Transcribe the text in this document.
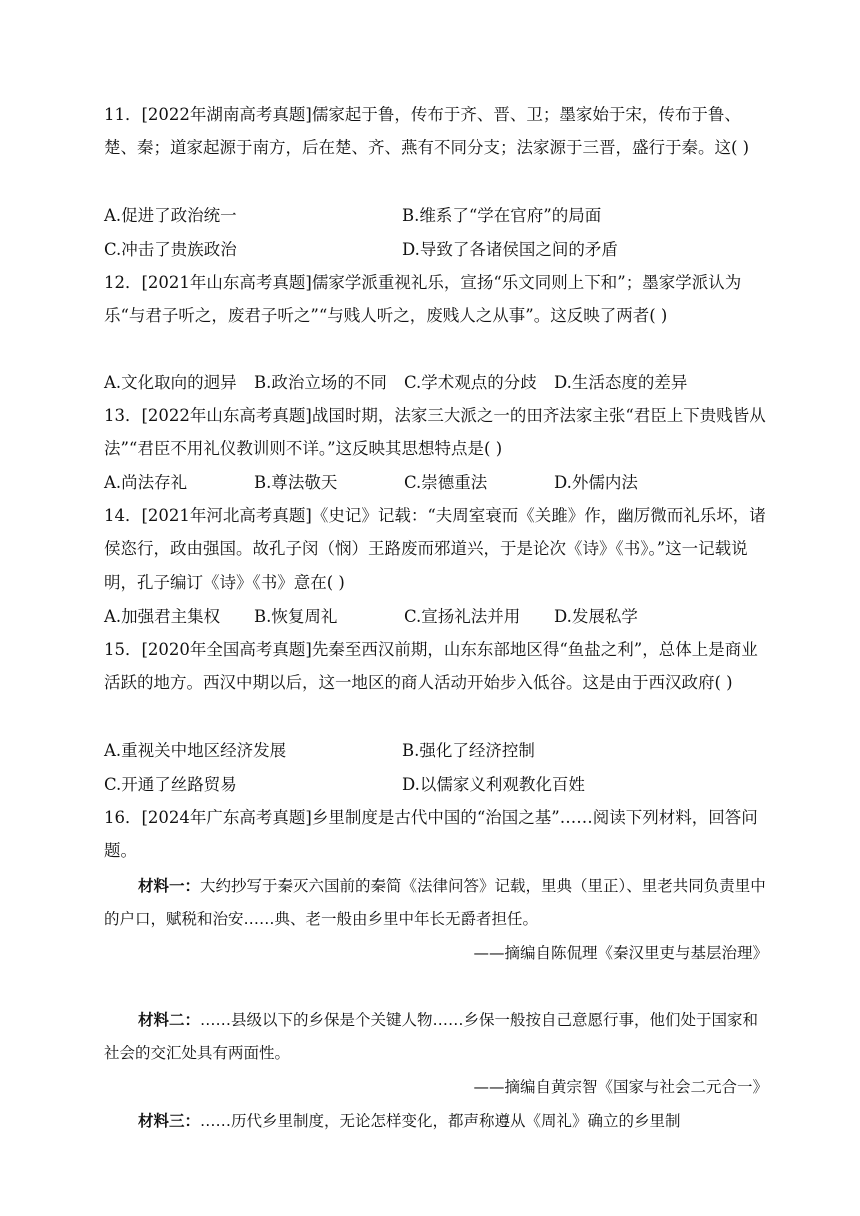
11．[2022年湖南高考真题]儒家起于鲁，传布于齐、晋、卫；墨家始于宋，传布于鲁、楚、秦；道家起源于南方，后在楚、齐、燕有不同分支；法家源于三晋，盛行于秦。这( )

A.促进了政治统一	B.维系了“学在官府”的局面
C.冲击了贵族政治	D.导致了各诸侯国之间的矛盾

12．[2021年山东高考真题]儒家学派重视礼乐，宣扬“乐文同则上下和”；墨家学派认为乐“与君子听之，废君子听之”“与贱人听之，废贱人之从事”。这反映了两者( )

A.文化取向的迥异 B.政治立场的不同 C.学术观点的分歧 D.生活态度的差异

13．[2022年山东高考真题]战国时期，法家三大派之一的田齐法家主张“君臣上下贵贱皆从法”“君臣不用礼仪教训则不详。”这反映其思想特点是( )

A.尚法存礼	B.尊法敬天	C.崇德重法	D.外儒内法

14．[2021年河北高考真题]《史记》记载：“夫周室衰而《关雎》作，幽厉微而礼乐坏，诸侯恣行，政由强国。故孔子闵（悯）王路废而邪道兴，于是论次《诗》《书》。”这一记载说明，孔子编订《诗》《书》意在( )

A.加强君主集权 B.恢复周礼	C.宣扬礼法并用 D.发展私学

15．[2020年全国高考真题]先秦至西汉前期，山东东部地区得“鱼盐之利”，总体上是商业活跃的地方。西汉中期以后，这一地区的商人活动开始步入低谷。这是由于西汉政府( )

A.重视关中地区经济发展	B.强化了经济控制
C.开通了丝路贸易	D.以儒家义利观教化百姓

16．[2024年广东高考真题]乡里制度是古代中国的“治国之基”……阅读下列材料，回答问题。

材料一：大约抄写于秦灭六国前的秦简《法律问答》记载，里典（里正）、里老共同负责里中的户口，赋税和治安……典、老一般由乡里中年长无爵者担任。

——摘编自陈侃理《秦汉里吏与基层治理》

材料二：……县级以下的乡保是个关键人物……乡保一般按自己意愿行事，他们处于国家和社会的交汇处具有两面性。

——摘编自黄宗智《国家与社会二元合一》

材料三：……历代乡里制度，无论怎样变化，都声称遵从《周礼》确立的乡里制
